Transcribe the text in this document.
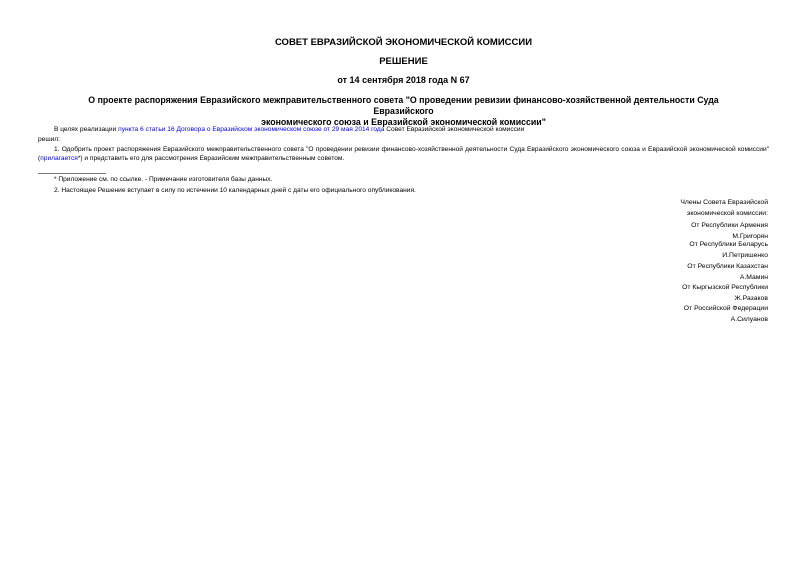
СОВЕТ ЕВРАЗИЙСКОЙ ЭКОНОМИЧЕСКОЙ КОМИССИИ
РЕШЕНИЕ
от 14 сентября 2018 года N 67
О проекте распоряжения Евразийского межправительственного совета "О проведении ревизии финансово-хозяйственной деятельности Суда Евразийского
экономического союза и Евразийской экономической комиссии"
В целях реализации пункта 6 статьи 16 Договора о Евразийском экономическом союзе от 29 мая 2014 года Совет Евразийской экономической комиссии
решил:
1. Одобрить проект распоряжения Евразийского межправительственного совета "О проведении ревизии финансово-хозяйственной деятельности Суда Евразийского экономического союза и Евразийской экономической комиссии" (прилагается*) и представить его для рассмотрения Евразийским межправительственным советом.
* Приложение см. по ссылке. - Примечание изготовителя базы данных.
2. Настоящее Решение вступает в силу по истечении 10 календарных дней с даты его официального опубликования.
Члены Совета Евразийской
экономической комиссии:
От Республики Армения
М.Григорян
От Республики Беларусь
И.Петришенко
От Республики Казахстан
А.Мамин
От Кыргызской Республики
Ж.Разаков
От Российской Федерации
А.Силуанов
